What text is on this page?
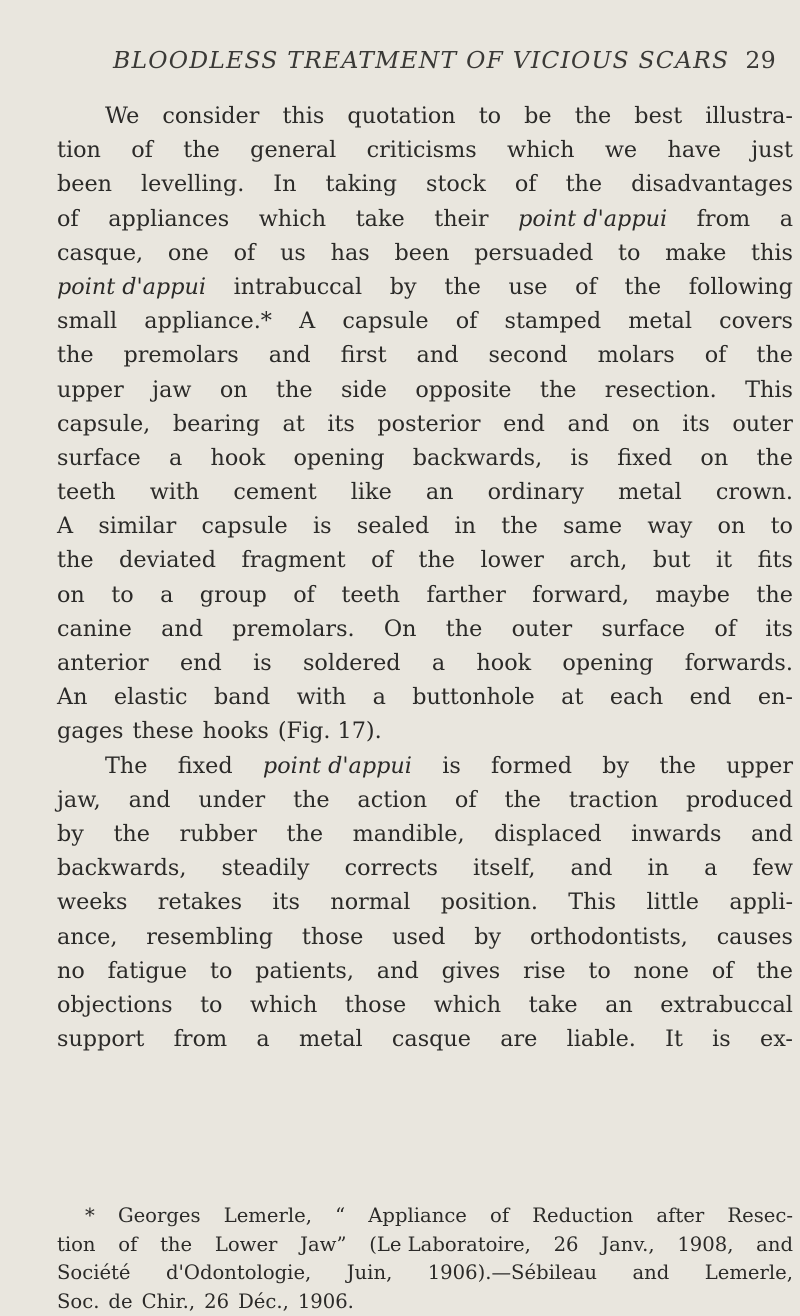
BLOODLESS TREATMENT OF VICIOUS SCARS 29
We consider this quotation to be the best illustra-
tion of the general criticisms which we have just
been levelling. In taking stock of the disadvantages
of appliances which take their point d'appui from a
casque, one of us has been persuaded to make this
point d'appui intrabuccal by the use of the following
small appliance.* A capsule of stamped metal covers
the premolars and first and second molars of the
upper jaw on the side opposite the resection. This
capsule, bearing at its posterior end and on its outer
surface a hook opening backwards, is fixed on the
teeth with cement like an ordinary metal crown.
A similar capsule is sealed in the same way on to
the deviated fragment of the lower arch, but it fits
on to a group of teeth farther forward, maybe the
canine and premolars. On the outer surface of its
anterior end is soldered a hook opening forwards.
An elastic band with a buttonhole at each end en-
gages these hooks (Fig. 17).
The fixed point d'appui is formed by the upper
jaw, and under the action of the traction produced
by the rubber the mandible, displaced inwards and
backwards, steadily corrects itself, and in a few
weeks retakes its normal position. This little appli-
ance, resembling those used by orthodontists, causes
no fatigue to patients, and gives rise to none of the
objections to which those which take an extrabuccal
support from a metal casque are liable. It is ex-
* Georges Lemerle, “ Appliance of Reduction after Resec-
tion of the Lower Jaw” (Le Laboratoire, 26 Janv., 1908, and
Société d'Odontologie, Juin, 1906).—Sébileau and Lemerle,
Soc. de Chir., 26 Déc., 1906.
